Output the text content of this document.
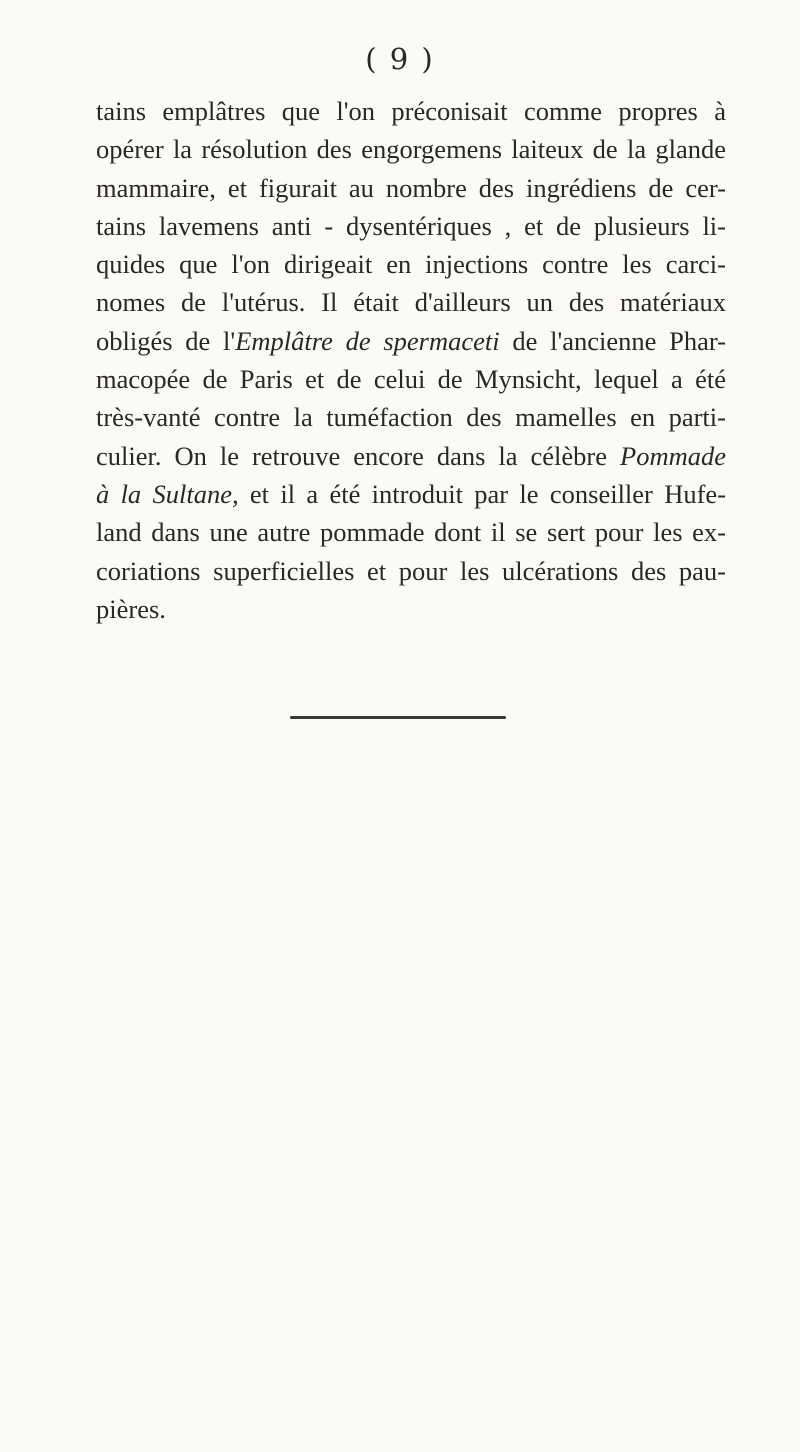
( 9 )
tains emplâtres que l'on préconisait comme propres à
opérer la résolution des engorgemens laiteux de la glande
mammaire, et figurait au nombre des ingrédiens de cer-
tains lavemens anti - dysentériques , et de plusieurs li-
quides que l'on dirigeait en injections contre les carci-
nomes de l'utérus. Il était d'ailleurs un des matériaux
obligés de l'Emplâtre de spermaceti de l'ancienne Phar-
macopée de Paris et de celui de Mynsicht, lequel a été
très-vanté contre la tuméfaction des mamelles en parti-
culier. On le retrouve encore dans la célèbre Pommade
à la Sultane, et il a été introduit par le conseiller Hufe-
land dans une autre pommade dont il se sert pour les ex-
coriations superficielles et pour les ulcérations des pau-
pières.
